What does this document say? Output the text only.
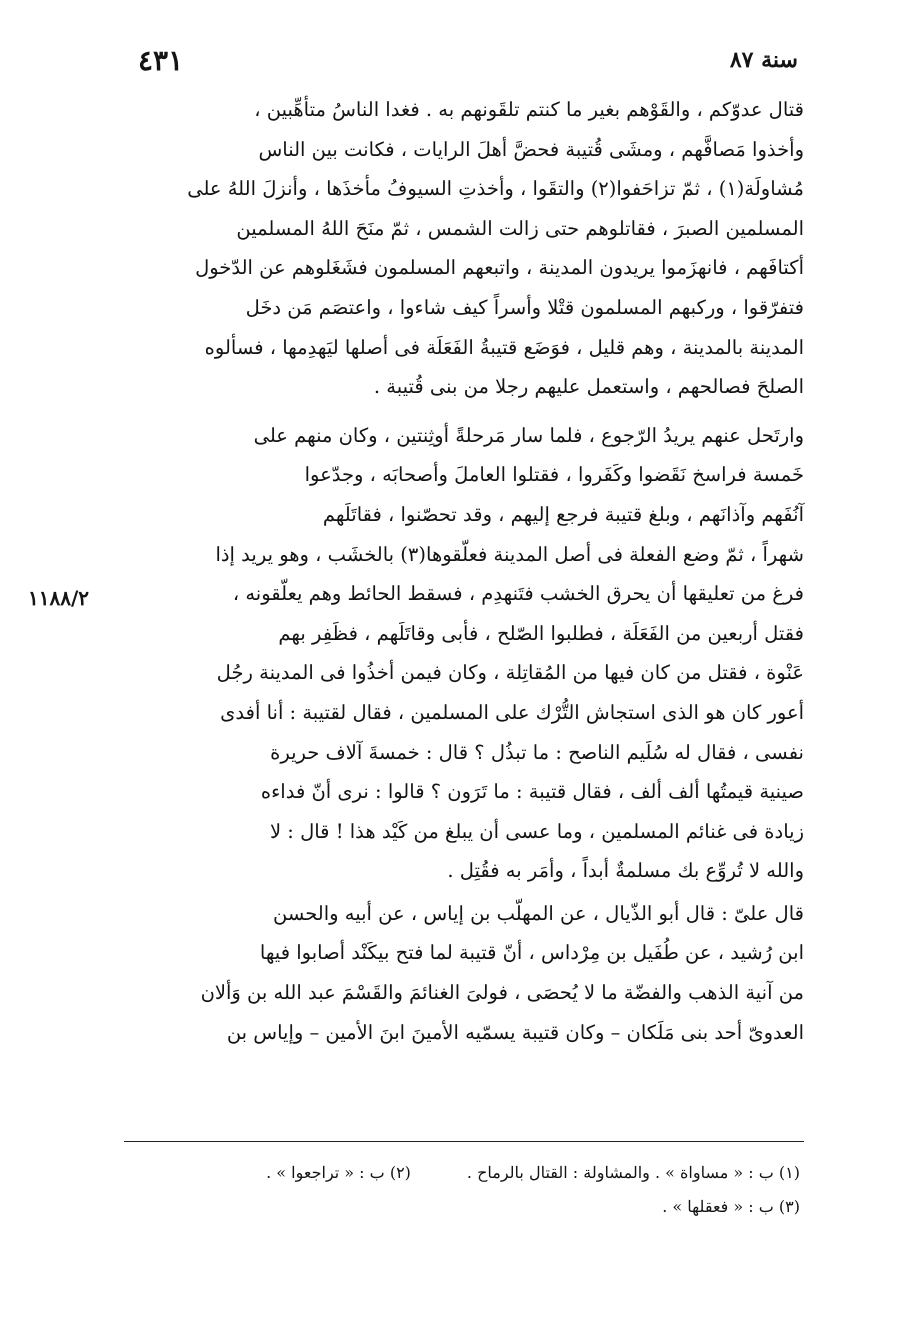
سنة ٨٧
٤٣١
١١٨٨/٢

قتال عدوّكم ، والقَوْهم بغير ما كنتم تلقَونهم به . فغدا الناسُ متأهِّبين ،
وأخذوا مَصافَّهم ، ومشَى قُتيبة فحضَّ أهلَ الرايات ، فكانت بين الناس
مُشاولَة(١) ، ثمّ تزاحَفوا(٢) والتقَوا ، وأخذتِ السيوفُ مأخذَها ، وأنزلَ اللهُ على
المسلمين الصبرَ ، فقاتلوهم حتى زالت الشمس ، ثمّ منَحَ اللهُ المسلمين
أكتافَهم ، فانهزَموا يريدون المدينة ، واتبعهم المسلمون فشَغَلوهم عن الدّخول
فتفرّقوا ، وركبهم المسلمون قتْلا وأسراً كيف شاءوا ، واعتصَم مَن دخَل
المدينة بالمدينة ، وهم قليل ، فوَضَع قتيبةُ الفَعَلَة فى أصلها ليَهدِمها ، فسألوه
الصلحَ فصالحهم ، واستعمل عليهم رجلا من بنى قُتيبة .

وارتَحل عنهم يريدُ الرّجوع ، فلما سار مَرحلةً أوثِنتين ، وكان منهم على
خَمسة فراسخ نَقَضوا وكَفَروا ، فقتلوا العاملَ وأصحابَه ، وجدّعوا
آنُفَهم وآذانَهم ، وبلغ قتيبة فرجع إليهم ، وقد تحصّنوا ، فقاتَلَهم
شهراً ، ثمّ وضع الفعلة فى أصل المدينة فعلّقوها(٣) بالخشَب ، وهو يريد إذا
فرغ من تعليقها أن يحرق الخشب فتَنهدِم ، فسقط الحائط وهم يعلّقونه ،
فقتل أربعين من الفَعَلَة ، فطلبوا الصّلح ، فأبى وقاتَلَهم ، فظَفِر بهم
عَنْوة ، فقتل من كان فيها من المُقاتِلة ، وكان فيمن أخذُوا فى المدينة رجُل
أعور كان هو الذى استجاش التُّرْك على المسلمين ، فقال لقتيبة : أنا أفدى
نفسى ، فقال له سُلَيم الناصح : ما تبذُل ؟ قال : خمسةَ آلاف حريرة
صينية قيمتُها ألف ألف ، فقال قتيبة : ما تَرَون ؟ قالوا : نرى أنّ فداءه
زيادة فى غنائم المسلمين ، وما عسى أن يبلغ من كَيْد هذا ! قال : لا
والله لا تُروِّع بك مسلمةٌ أبداً ، وأمَر به فقُتِل .

قال علىّ : قال أبو الذّيال ، عن المهلّب بن إياس ، عن أبيه والحسن
ابن رُشيد ، عن طُفَيل بن مِرْداس ، أنّ قتيبة لما فتح بيكَنْد أصابوا فيها
من آنية الذهب والفضّة ما لا يُحصَى ، فولىَ الغنائمَ والقَسْمَ عبد الله بن وَألان
العدوىّ أحد بنى مَلَكان – وكان قتيبة يسمّيه الأمينَ ابنَ الأمين – وإياس بن

(١) ب : « مساواة » . والمشاولة : القتال بالرماح .
(٢) ب : « تراجعوا » .
(٣) ب : « فعقلها » .
